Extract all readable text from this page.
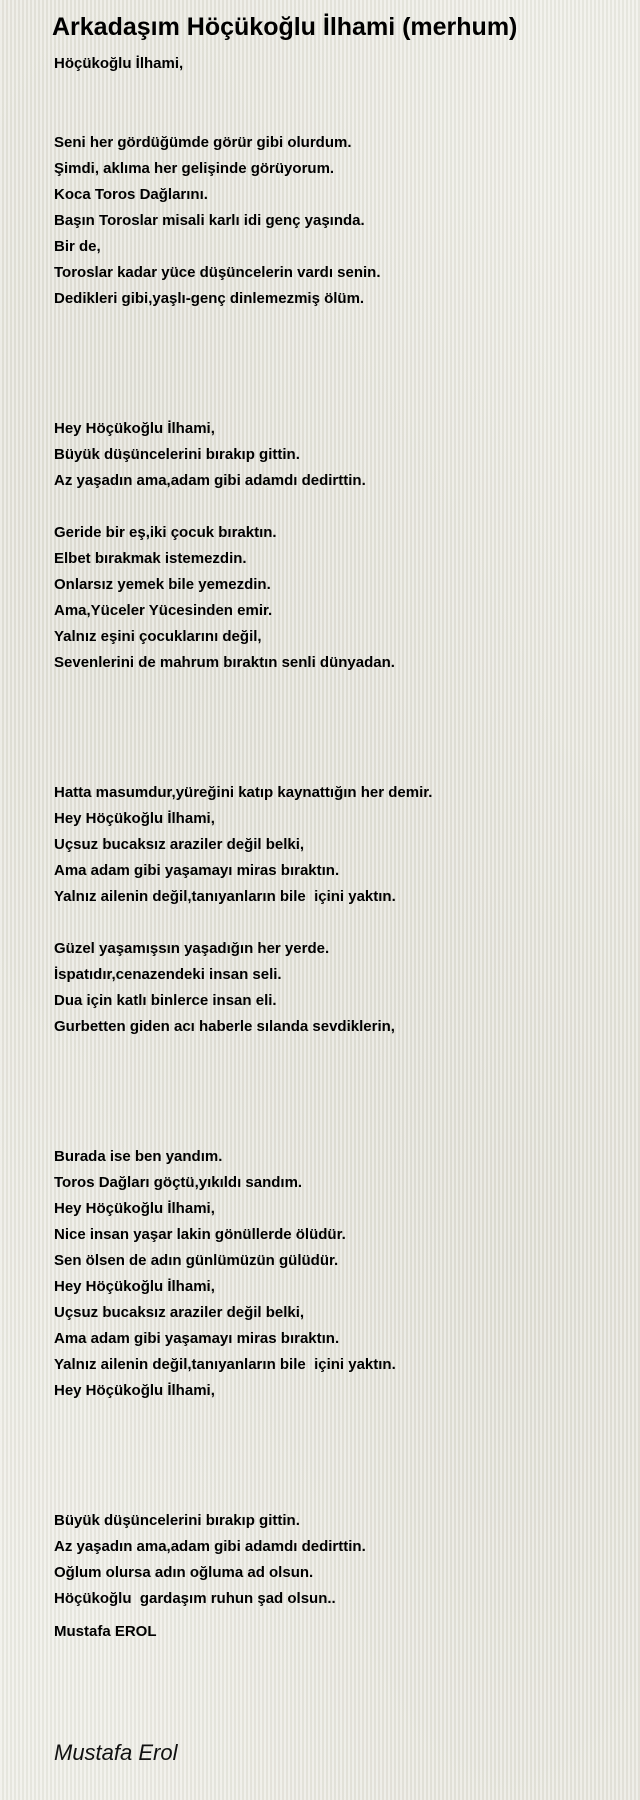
Arkadaşım Höçükoğlu İlhami (merhum)
Höçükoğlu İlhami,
Seni her gördüğümde görür gibi olurdum.
Şimdi, aklıma her gelişinde görüyorum.
Koca Toros Dağlarını.
Başın Toroslar misali karlı idi genç yaşında.
Bir de,
Toroslar kadar yüce düşüncelerin vardı senin.
Dedikleri gibi,yaşlı-genç dinlemezmiş ölüm.
Hey Höçükoğlu İlhami,
Büyük düşüncelerini bırakıp gittin.
Az yaşadın ama,adam gibi adamdı dedirttin.
Geride bir eş,iki çocuk bıraktın.
Elbet bırakmak istemezdin.
Onlarsız yemek bile yemezdin.
Ama,Yüceler Yücesinden emir.
Yalnız eşini çocuklarını değil,
Sevenlerini de mahrum bıraktın senli dünyadan.
Hatta masumdur,yüreğini katıp kaynattığın her demir.
Hey Höçükoğlu İlhami,
Uçsuz bucaksız araziler değil belki,
Ama adam gibi yaşamayı miras bıraktın.
Yalnız ailenin değil,tanıyanların bile  içini yaktın.
Güzel yaşamışsın yaşadığın her yerde.
İspatıdır,cenazendeki insan seli.
Dua için katlı binlerce insan eli.
Gurbetten giden acı haberle sılanda sevdiklerin,
Burada ise ben yandım.
Toros Dağları göçtü,yıkıldı sandım.
Hey Höçükoğlu İlhami,
Nice insan yaşar lakin gönüllerde ölüdür.
Sen ölsen de adın günlümüzün gülüdür.
Hey Höçükoğlu İlhami,
Uçsuz bucaksız araziler değil belki,
Ama adam gibi yaşamayı miras bıraktın.
Yalnız ailenin değil,tanıyanların bile  içini yaktın.
Hey Höçükoğlu İlhami,
Büyük düşüncelerini bırakıp gittin.
Az yaşadın ama,adam gibi adamdı dedirttin.
Oğlum olursa adın oğluma ad olsun.
Höçükoğlu  gardaşım ruhun şad olsun..
Mustafa EROL
Mustafa Erol
